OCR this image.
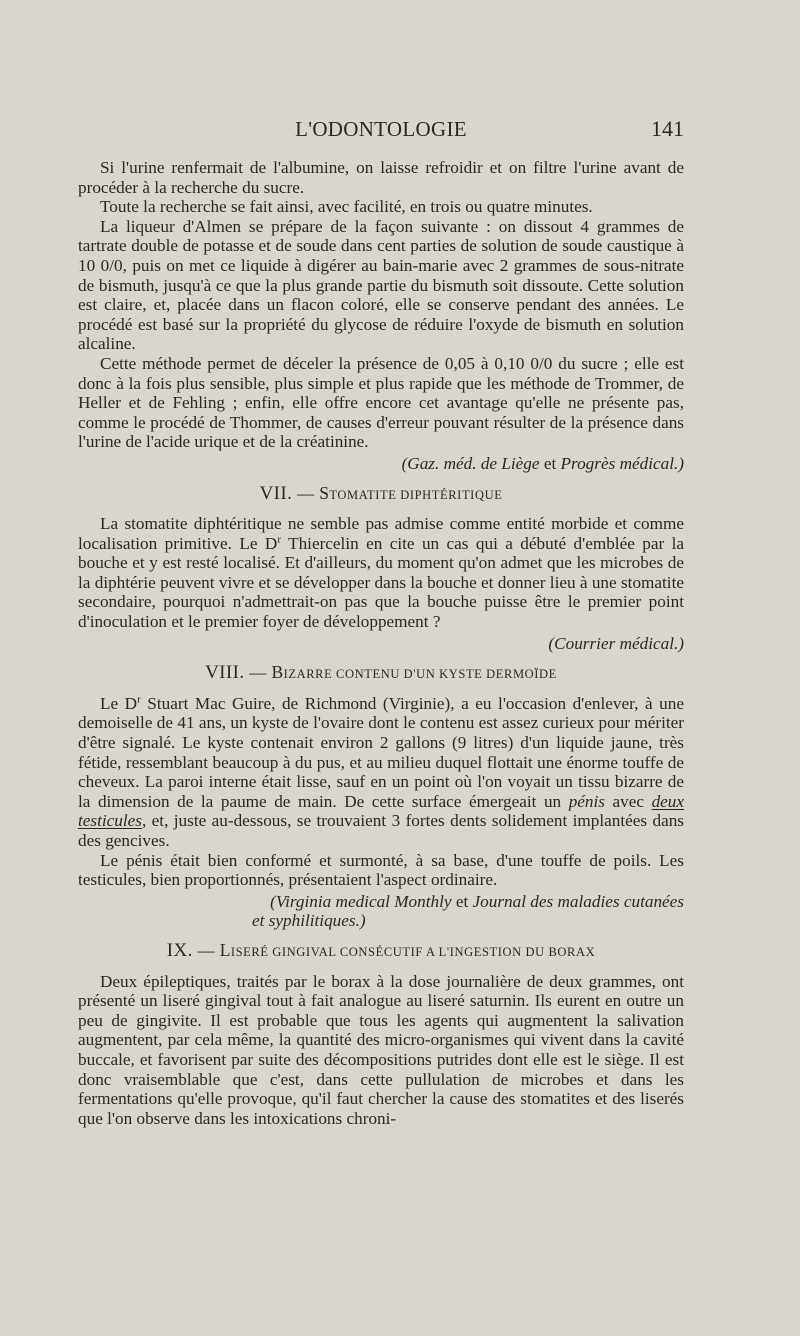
L'ODONTOLOGIE	141

Si l'urine renfermait de l'albumine, on laisse refroidir et on filtre l'urine avant de procéder à la recherche du sucre.

Toute la recherche se fait ainsi, avec facilité, en trois ou quatre minutes.

La liqueur d'Almen se prépare de la façon suivante : on dissout 4 grammes de tartrate double de potasse et de soude dans cent parties de solution de soude caustique à 10 0/0, puis on met ce liquide à digérer au bain-marie avec 2 grammes de sous-nitrate de bismuth, jusqu'à ce que la plus grande partie du bismuth soit dissoute. Cette solution est claire, et, placée dans un flacon coloré, elle se conserve pendant des années. Le procédé est basé sur la propriété du glycose de réduire l'oxyde de bismuth en solution alcaline.

Cette méthode permet de déceler la présence de 0,05 à 0,10 0/0 du sucre ; elle est donc à la fois plus sensible, plus simple et plus rapide que les méthode de Trommer, de Heller et de Fehling ; enfin, elle offre encore cet avantage qu'elle ne présente pas, comme le procédé de Thommer, de causes d'erreur pouvant résulter de la présence dans l'urine de l'acide urique et de la créatinine.

(Gaz. méd. de Liège et Progrès médical.)

VII. — STOMATITE DIPHTÉRITIQUE

La stomatite diphtéritique ne semble pas admise comme entité morbide et comme localisation primitive. Le $D^r$ Thiercelin en cite un cas qui a débuté d'emblée par la bouche et y est resté localisé. Et d'ailleurs, du moment qu'on admet que les microbes de la diphtérie peuvent vivre et se développer dans la bouche et donner lieu à une stomatite secondaire, pourquoi n'admettrait-on pas que la bouche puisse être le premier point d'inoculation et le premier foyer de développement ?

(Courrier médical.)

VIII. — BIZARRE CONTENU D'UN KYSTE DERMOÏDE

Le $D^r$ Stuart Mac Guire, de Richmond (Virginie), a eu l'occasion d'enlever, à une demoiselle de 41 ans, un kyste de l'ovaire dont le contenu est assez curieux pour mériter d'être signalé. Le kyste contenait environ 2 gallons (9 litres) d'un liquide jaune, très fétide, ressemblant beaucoup à du pus, et au milieu duquel flottait une énorme touffe de cheveux. La paroi interne était lisse, sauf en un point où l'on voyait un tissu bizarre de la dimension de la paume de main. De cette surface émergeait un pénis avec deux testicules, et, juste au-dessous, se trouvaient 3 fortes dents solidement implantées dans des gencives.

Le pénis était bien conformé et surmonté, à sa base, d'une touffe de poils. Les testicules, bien proportionnés, présentaient l'aspect ordinaire.

(Virginia medical Monthly et Journal des maladies cutanées
et syphilitiques.)
IX. — LISERÉ GINGIVAL CONSÉCUTIF A L'INGESTION DU BORAX

Deux épileptiques, traités par le borax à la dose journalière de deux grammes, ont présenté un liseré gingival tout à fait analogue au liseré saturnin. Ils eurent en outre un peu de gingivite. Il est probable que tous les agents qui augmentent la salivation augmentent, par cela même, la quantité des micro-organismes qui vivent dans la cavité buccale, et favorisent par suite des décompositions putrides dont elle est le siège. Il est donc vraisemblable que c'est, dans cette pullulation de microbes et dans les fermentations qu'elle provoque, qu'il faut chercher la cause des stomatites et des liserés que l'on observe dans les intoxications chroni-
